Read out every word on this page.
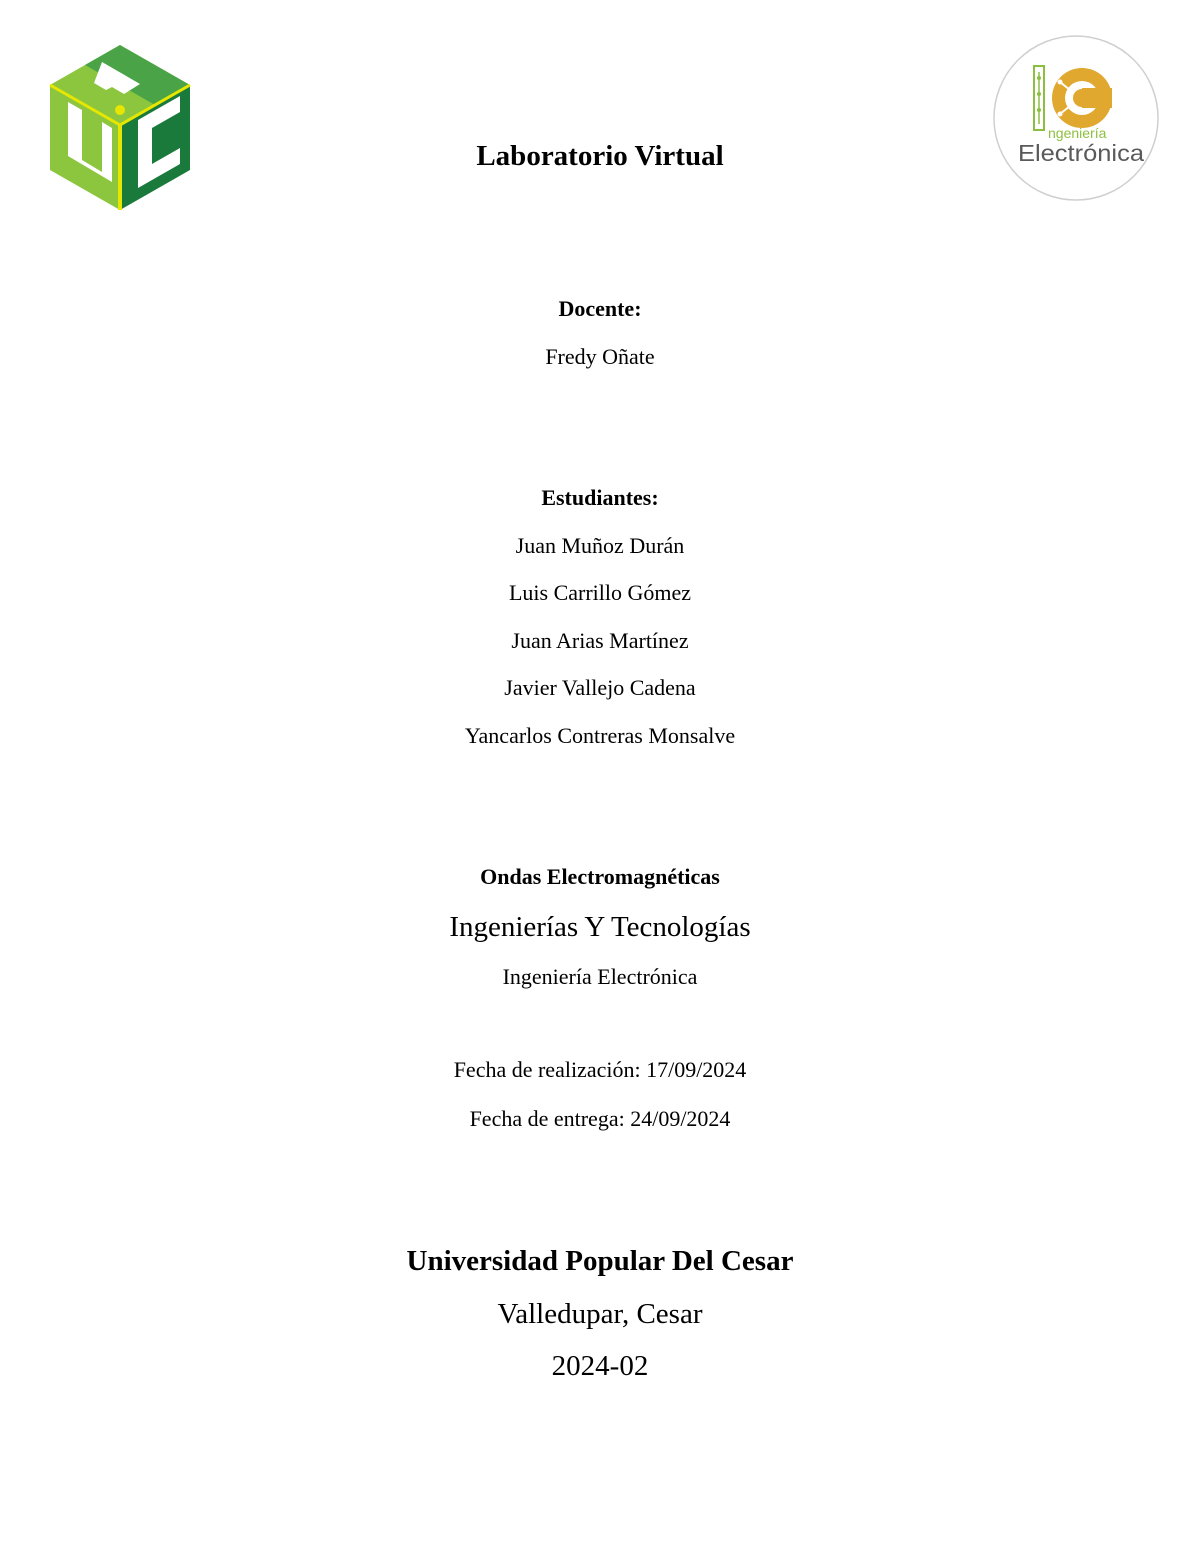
ngeniería
Electrónica
Laboratorio Virtual
Docente:
Fredy Oñate
Estudiantes:
Juan Muñoz Durán
Luis Carrillo Gómez
Juan Arias Martínez
Javier Vallejo Cadena
Yancarlos Contreras Monsalve
Ondas Electromagnéticas
Ingenierías Y Tecnologías
Ingeniería Electrónica
Fecha de realización: 17/09/2024
Fecha de entrega: 24/09/2024
Universidad Popular Del Cesar
Valledupar, Cesar
2024-02
